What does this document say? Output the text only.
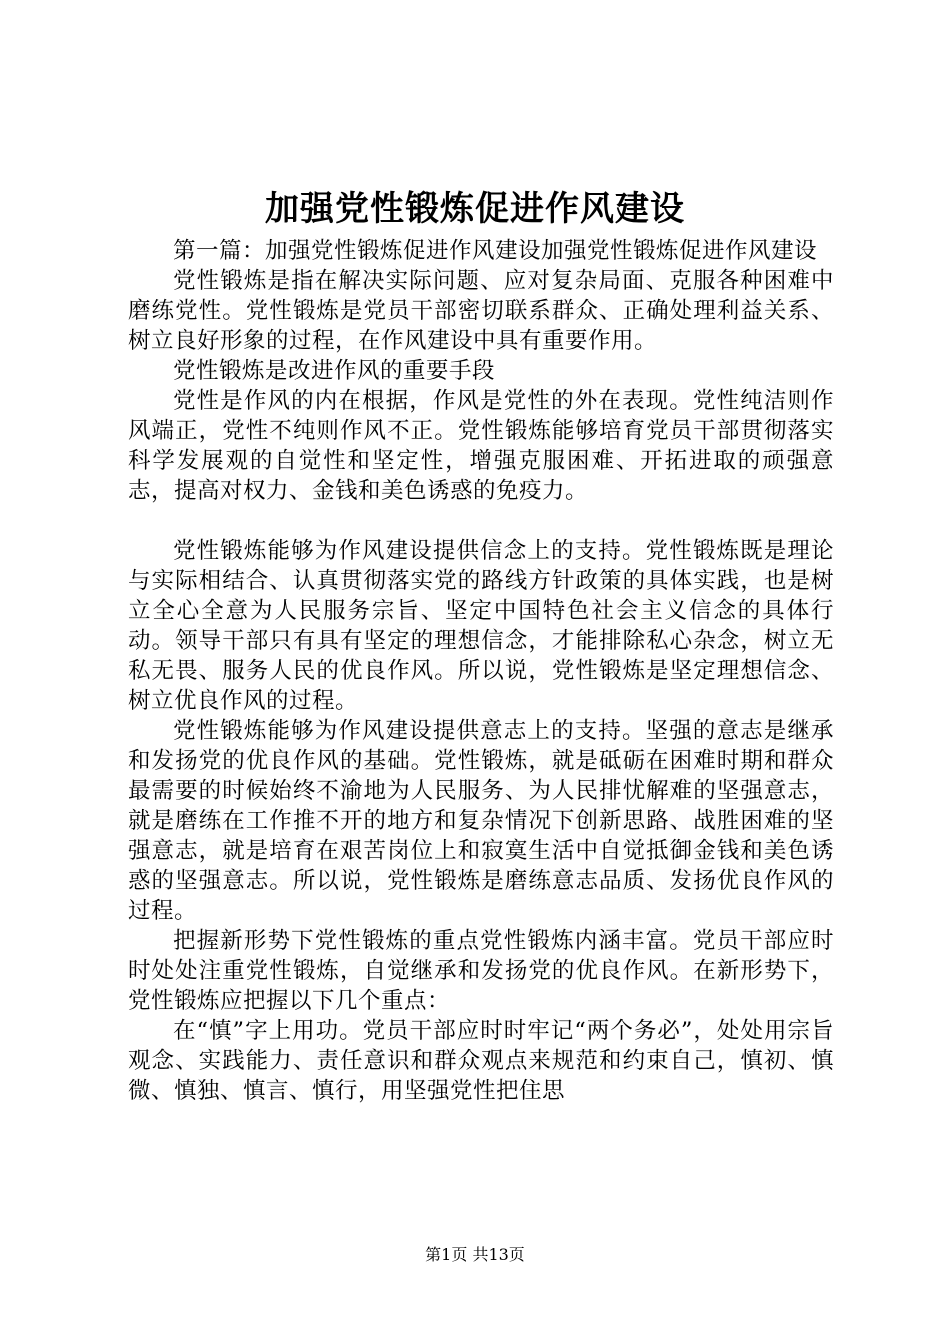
加强党性锻炼促进作风建设

第一篇：加强党性锻炼促进作风建设加强党性锻炼促进作风建设

党性锻炼是指在解决实际问题、应对复杂局面、克服各种困难中磨练党性。党性锻炼是党员干部密切联系群众、正确处理利益关系、树立良好形象的过程，在作风建设中具有重要作用。

党性锻炼是改进作风的重要手段

党性是作风的内在根据，作风是党性的外在表现。党性纯洁则作风端正，党性不纯则作风不正。党性锻炼能够培育党员干部贯彻落实科学发展观的自觉性和坚定性，增强克服困难、开拓进取的顽强意志，提高对权力、金钱和美色诱惑的免疫力。

党性锻炼能够为作风建设提供信念上的支持。党性锻炼既是理论与实际相结合、认真贯彻落实党的路线方针政策的具体实践，也是树立全心全意为人民服务宗旨、坚定中国特色社会主义信念的具体行动。领导干部只有具有坚定的理想信念，才能排除私心杂念，树立无私无畏、服务人民的优良作风。所以说，党性锻炼是坚定理想信念、树立优良作风的过程。

党性锻炼能够为作风建设提供意志上的支持。坚强的意志是继承和发扬党的优良作风的基础。党性锻炼，就是砥砺在困难时期和群众最需要的时候始终不渝地为人民服务、为人民排忧解难的坚强意志，就是磨练在工作推不开的地方和复杂情况下创新思路、战胜困难的坚强意志，就是培育在艰苦岗位上和寂寞生活中自觉抵御金钱和美色诱惑的坚强意志。所以说，党性锻炼是磨练意志品质、发扬优良作风的过程。

把握新形势下党性锻炼的重点党性锻炼内涵丰富。党员干部应时时处处注重党性锻炼，自觉继承和发扬党的优良作风。在新形势下，党性锻炼应把握以下几个重点：

在“慎”字上用功。党员干部应时时牢记“两个务必”，处处用宗旨观念、实践能力、责任意识和群众观点来规范和约束自己，慎初、慎微、慎独、慎言、慎行，用坚强党性把住思

第1页 共13页
